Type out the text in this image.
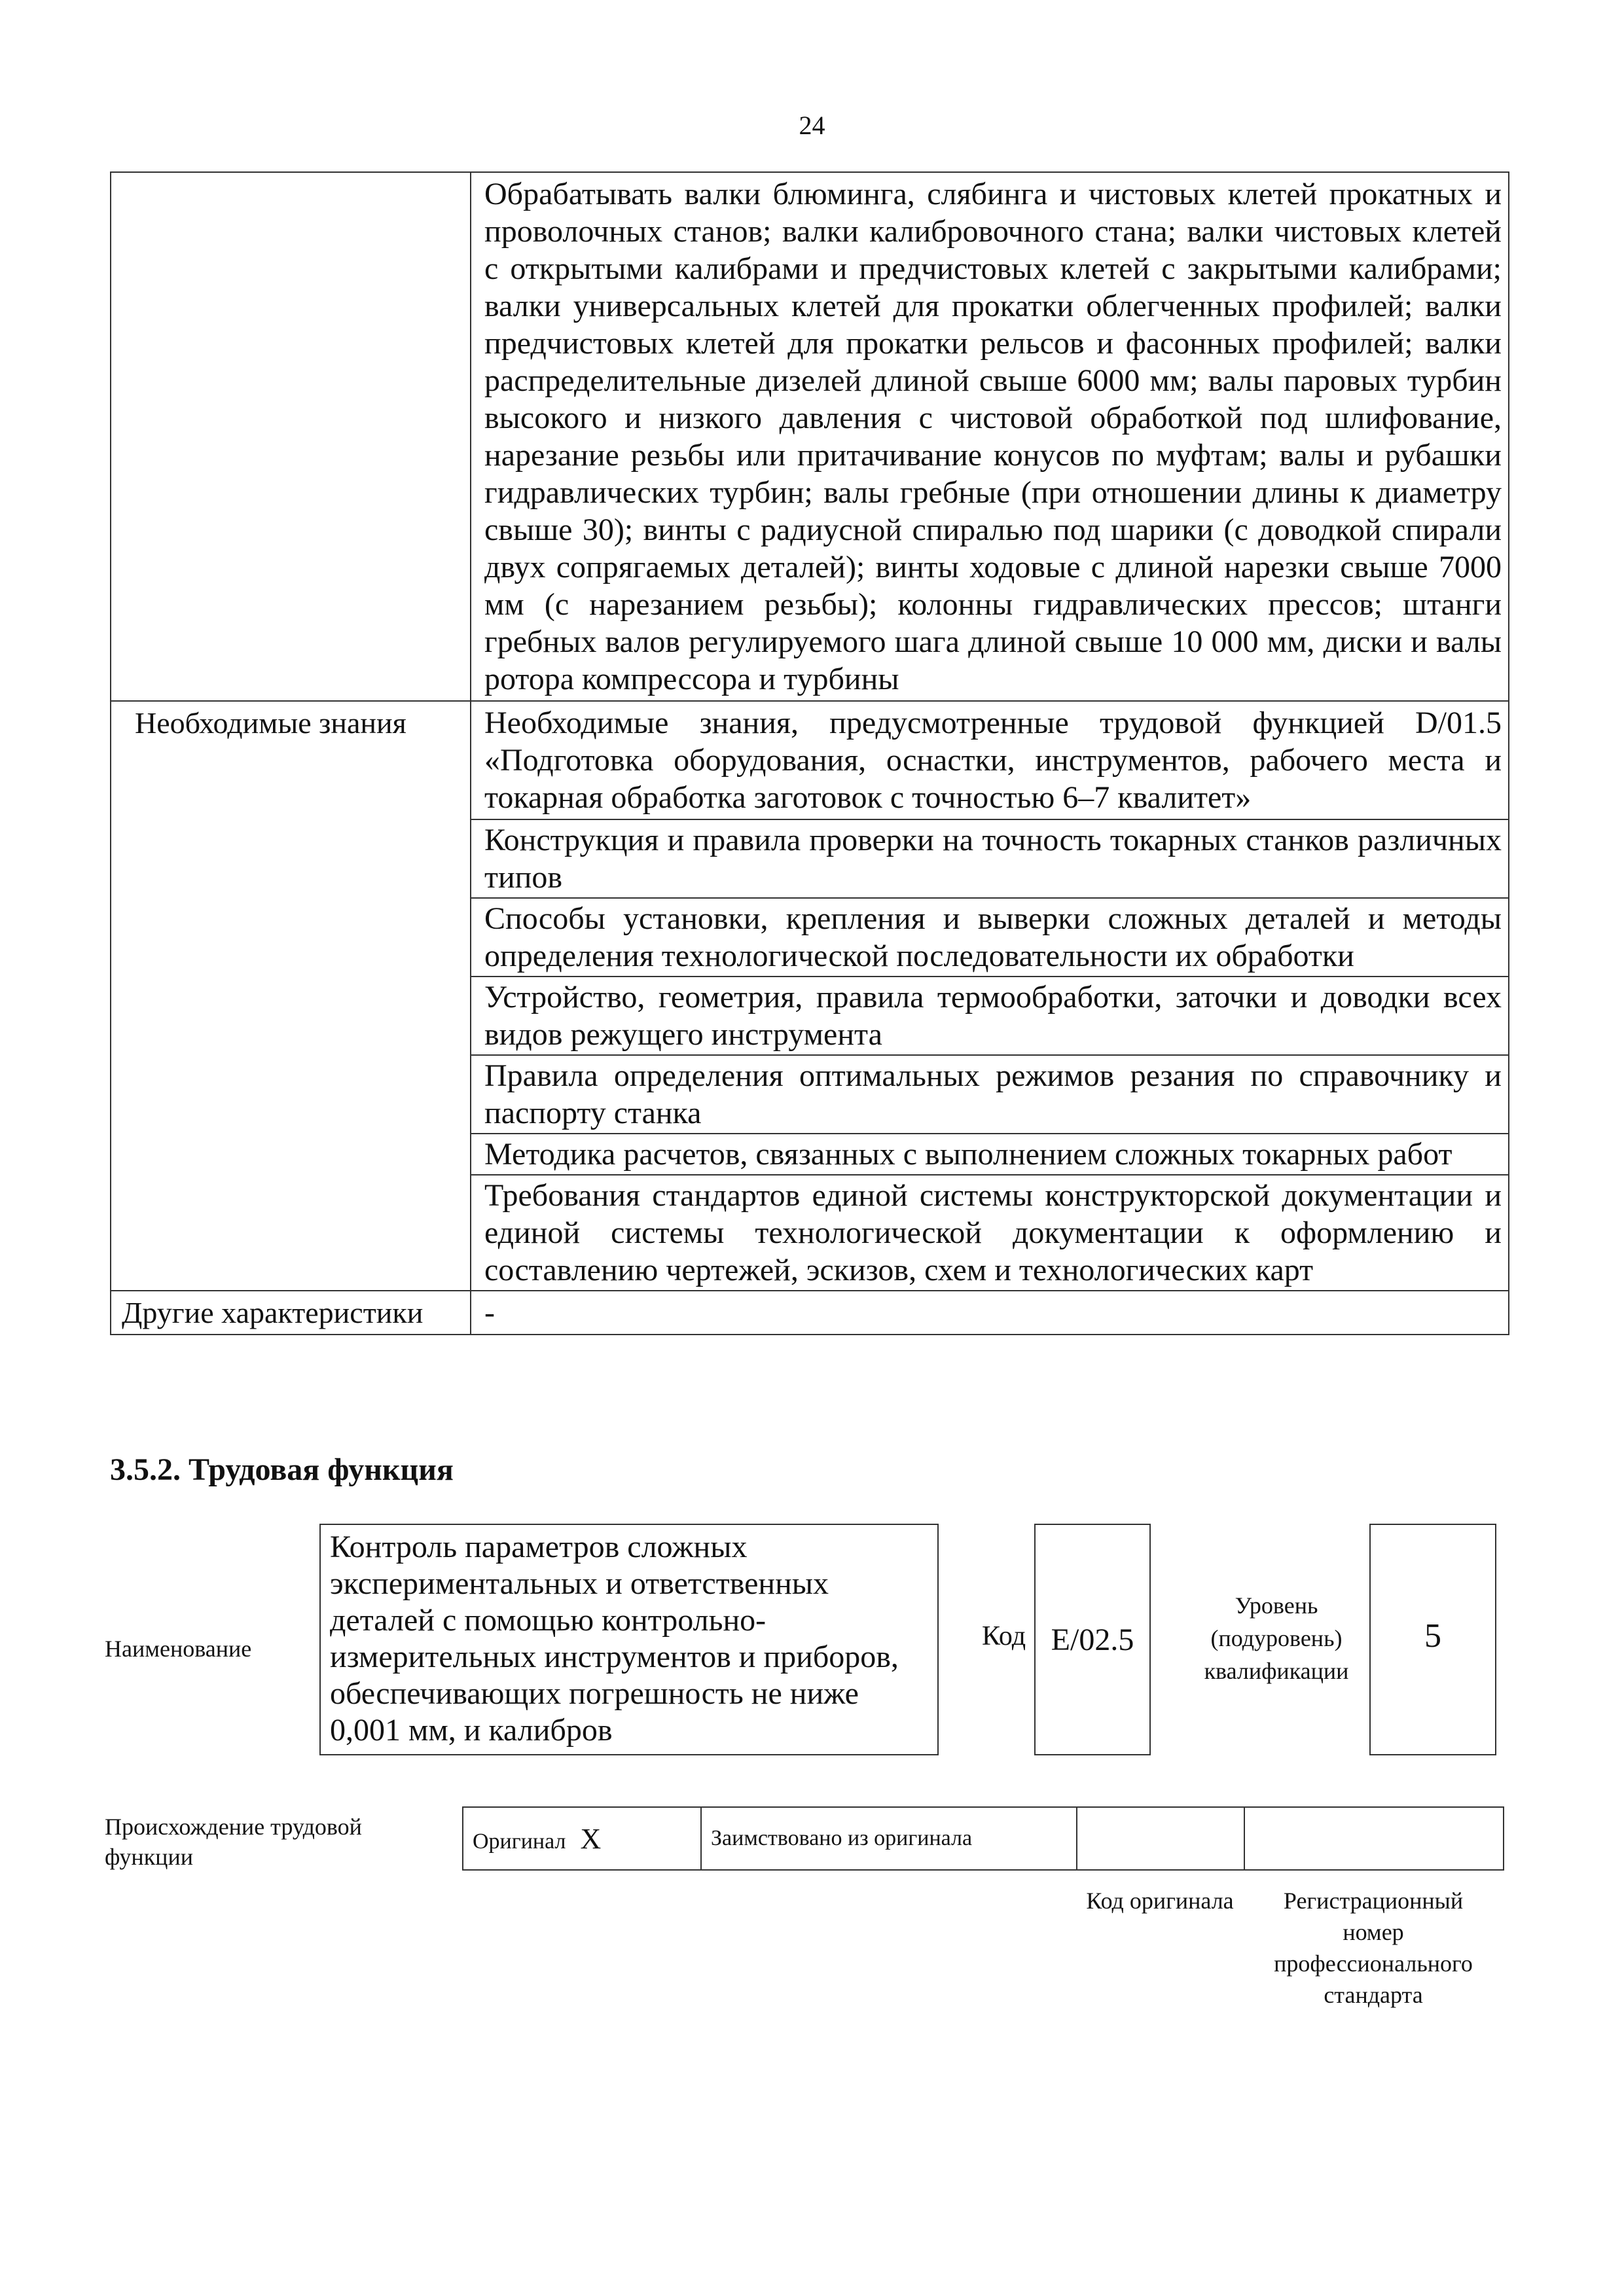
24
	Обрабатывать валки блюминга, слябинга и чистовых клетей прокатных и проволочных станов; валки калибровочного стана; валки чистовых клетей с открытыми калибрами и предчистовых клетей с закрытыми калибрами; валки универсальных клетей для прокатки облегченных профилей; валки предчистовых клетей для прокатки рельсов и фасонных профилей; валки распределительные дизелей длиной свыше 6000 мм; валы паровых турбин высокого и низкого давления с чистовой обработкой под шлифование, нарезание резьбы или притачивание конусов по муфтам; валы и рубашки гидравлических турбин; валы гребные (при отношении длины к диаметру свыше 30); винты с радиусной спиралью под шарики (с доводкой спирали двух сопрягаемых деталей); винты ходовые с длиной нарезки свыше 7000 мм (с нарезанием резьбы); колонны гидравлических прессов; штанги гребных валов регулируемого шага длиной свыше 10 000 мм, диски и валы ротора компрессора и турбины
Необходимые знания	Необходимые знания, предусмотренные трудовой функцией D/01.5 «Подготовка оборудования, оснастки, инструментов, рабочего места и токарная обработка заготовок с точностью 6–7 квалитет»
	Конструкция и правила проверки на точность токарных станков различных типов
	Способы установки, крепления и выверки сложных деталей и методы определения технологической последовательности их обработки
	Устройство, геометрия, правила термообработки, заточки и доводки всех видов режущего инструмента
	Правила определения оптимальных режимов резания по справочнику и паспорту станка
	Методика расчетов, связанных с выполнением сложных токарных работ
	Требования стандартов единой системы конструкторской документации и единой системы технологической документации к оформлению и составлению чертежей, эскизов, схем и технологических карт
Другие характеристики	-
3.5.2. Трудовая функция
Наименование
Контроль параметров сложных экспериментальных и ответственных деталей с помощью контрольно-измерительных инструментов и приборов, обеспечивающих погрешность не ниже 0,001 мм, и калибров
Код E/02.5
Уровень (подуровень) квалификации
5
Происхождение трудовой функции
Оригинал X	Заимствовано из оригинала		
Код оригинала	Регистрационный номер профессионального стандарта
